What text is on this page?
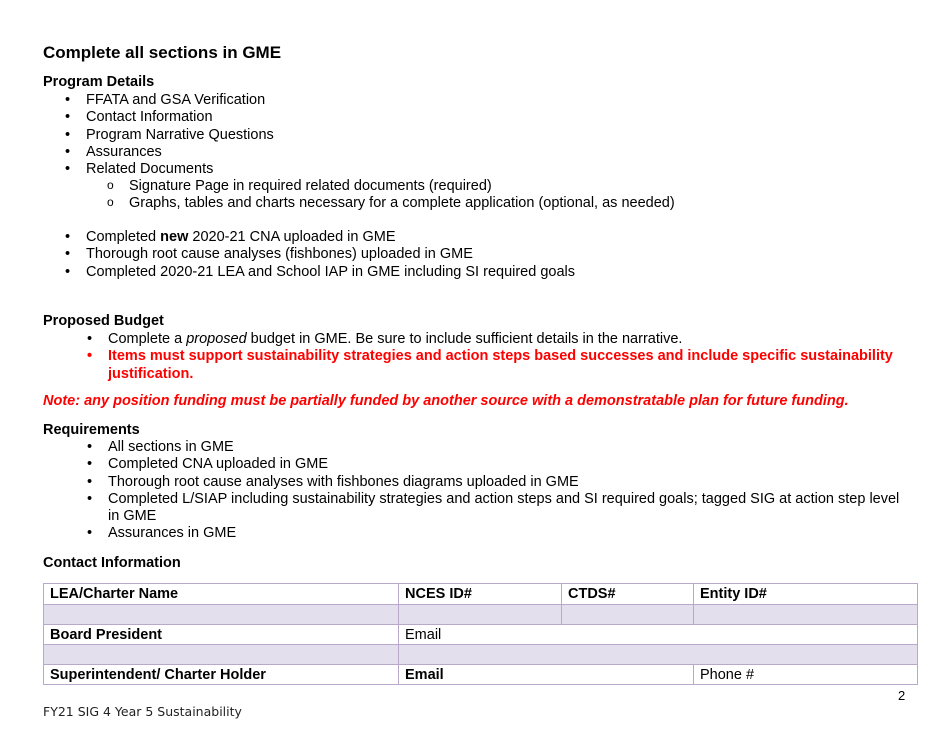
Complete all sections in GME
Program Details
• FFATA and GSA Verification
• Contact Information
• Program Narrative Questions
• Assurances
• Related Documents
o Signature Page in required related documents (required)
o Graphs, tables and charts necessary for a complete application (optional, as needed)
• Completed new 2020-21 CNA uploaded in GME
• Thorough root cause analyses (fishbones) uploaded in GME
• Completed 2020-21 LEA and School IAP in GME including SI required goals
Proposed Budget
• Complete a proposed budget in GME. Be sure to include sufficient details in the narrative.
• Items must support sustainability strategies and action steps based successes and include specific sustainability justification.
Note: any position funding must be partially funded by another source with a demonstratable plan for future funding.
Requirements
• All sections in GME
• Completed CNA uploaded in GME
• Thorough root cause analyses with fishbones diagrams uploaded in GME
• Completed L/SIAP including sustainability strategies and action steps and SI required goals; tagged SIG at action step level in GME
• Assurances in GME
Contact Information
LEA/Charter Name	NCES ID#	CTDS#	Entity ID#

Board President	Email		

Superintendent/ Charter Holder	Email		Phone #
2
FY21 SIG 4 Year 5 Sustainability
